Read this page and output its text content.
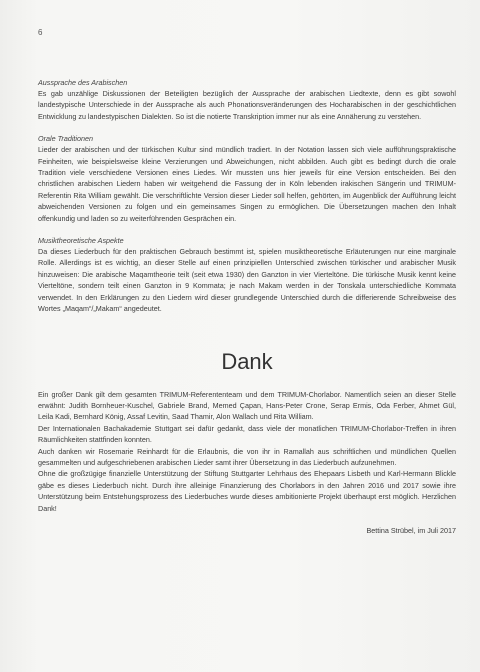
6

Aussprache des Arabischen

Es gab unzählige Diskussionen der Beteiligten bezüglich der Aussprache der arabischen Liedtexte, denn es gibt sowohl landestypische Unterschiede in der Aussprache als auch Phonationsveränderungen des Hocharabischen in der geschichtlichen Entwicklung zu landestypischen Dialekten. So ist die notierte Transkription immer nur als eine Annäherung zu verstehen.

Orale Traditionen

Lieder der arabischen und der türkischen Kultur sind mündlich tradiert. In der Notation lassen sich viele aufführungspraktische Feinheiten, wie beispielsweise kleine Verzierungen und Abweichungen, nicht abbilden. Auch gibt es bedingt durch die orale Tradition viele verschiedene Versionen eines Liedes. Wir mussten uns hier jeweils für eine Version entscheiden. Bei den christlichen arabischen Liedern haben wir weitgehend die Fassung der in Köln lebenden irakischen Sängerin und TRIMUM-Referentin Rita William gewählt. Die verschriftlichte Version dieser Lieder soll helfen, gehörten, im Augenblick der Aufführung leicht abweichenden Versionen zu folgen und ein gemeinsames Singen zu ermöglichen. Die Übersetzungen machen den Inhalt offenkundig und laden so zu weiterführenden Gesprächen ein.

Musiktheoretische Aspekte

Da dieses Liederbuch für den praktischen Gebrauch bestimmt ist, spielen musiktheoretische Erläuterungen nur eine marginale Rolle. Allerdings ist es wichtig, an dieser Stelle auf einen prinzipiellen Unterschied zwischen türkischer und arabischer Musik hinzuweisen: Die arabische Maqamtheorie teilt (seit etwa 1930) den Ganzton in vier Vierteltöne. Die türkische Musik kennt keine Vierteltöne, sondern teilt einen Ganzton in 9 Kommata; je nach Makam werden in der Tonskala unterschiedliche Kommata verwendet. In den Erklärungen zu den Liedern wird dieser grundlegende Unterschied durch die differierende Schreibweise des Wortes „Maqam“/„Makam“ angedeutet.

Dank

Ein großer Dank gilt dem gesamten TRIMUM-Referententeam und dem TRIMUM-Chorlabor. Namentlich seien an dieser Stelle erwähnt: Judith Bornheuer-Kuschel, Gabriele Brand, Memed Çapan, Hans-Peter Crone, Serap Ermis, Oda Ferber, Ahmet Gül, Leila Kadi, Bernhard König, Assaf Levitin, Saad Thamir, Alon Wallach und Rita William.

Der Internationalen Bachakademie Stuttgart sei dafür gedankt, dass viele der monatlichen TRIMUM-Chorlabor-Treffen in ihren Räumlichkeiten stattfinden konnten.

Auch danken wir Rosemarie Reinhardt für die Erlaubnis, die von ihr in Ramallah aus schriftlichen und mündlichen Quellen gesammelten und aufgeschriebenen arabischen Lieder samt ihrer Übersetzung in das Liederbuch aufzunehmen.

Ohne die großzügige finanzielle Unterstützung der Stiftung Stuttgarter Lehrhaus des Ehepaars Lisbeth und Karl-Hermann Blickle gäbe es dieses Liederbuch nicht. Durch ihre alleinige Finanzierung des Chorlabors in den Jahren 2016 und 2017 sowie ihre Unterstützung beim Entstehungsprozess des Liederbuches wurde dieses ambitionierte Projekt überhaupt erst möglich. Herzlichen Dank!

Bettina Strübel, im Juli 2017
